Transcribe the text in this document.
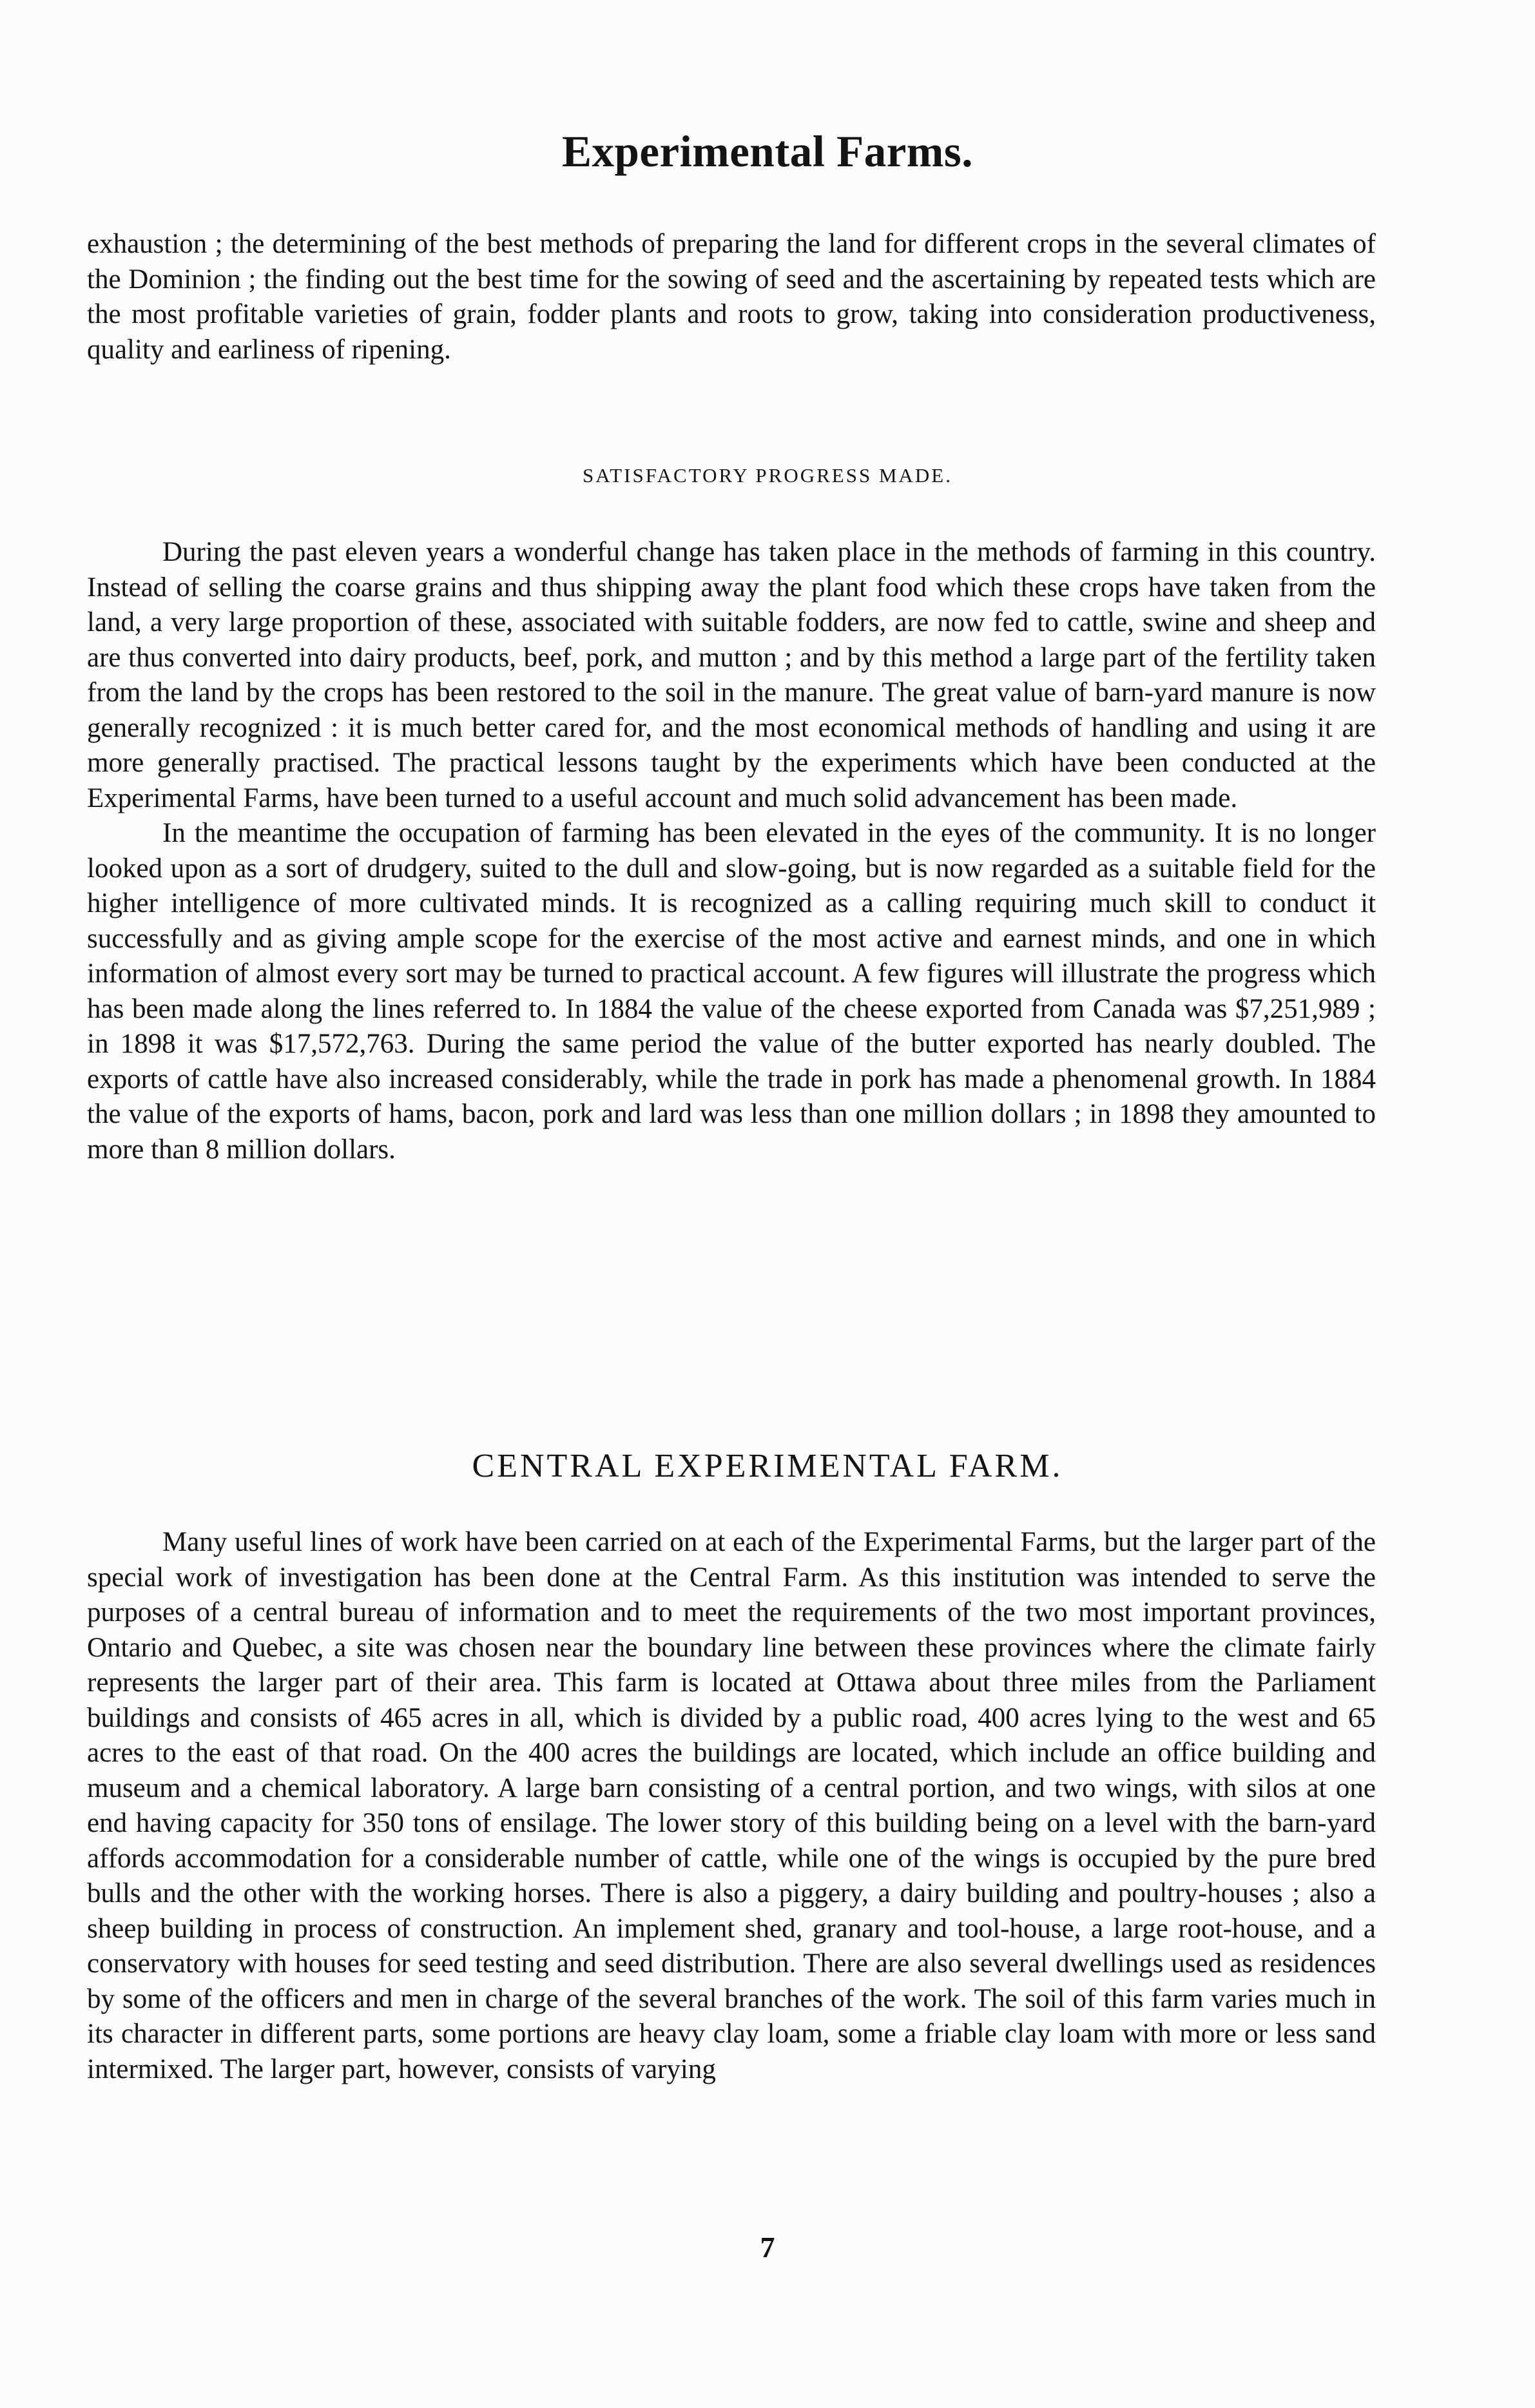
Experimental Farms.

exhaustion ; the determining of the best methods of preparing the land for different crops in the several climates of the Dominion ; the finding out the best time for the sowing of seed and the ascertaining by repeated tests which are the most profitable varieties of grain, fodder plants and roots to grow, taking into consideration productiveness, quality and earliness of ripening.

SATISFACTORY PROGRESS MADE.

During the past eleven years a wonderful change has taken place in the methods of farming in this country. Instead of selling the coarse grains and thus shipping away the plant food which these crops have taken from the land, a very large proportion of these, associated with suitable fodders, are now fed to cattle, swine and sheep and are thus converted into dairy products, beef, pork, and mutton ; and by this method a large part of the fertility taken from the land by the crops has been restored to the soil in the manure. The great value of barn-yard manure is now generally recognized : it is much better cared for, and the most economical methods of handling and using it are more generally practised. The practical lessons taught by the experiments which have been conducted at the Experimental Farms, have been turned to a useful account and much solid advancement has been made.

In the meantime the occupation of farming has been elevated in the eyes of the community. It is no longer looked upon as a sort of drudgery, suited to the dull and slow-going, but is now regarded as a suitable field for the higher intelligence of more cultivated minds. It is recognized as a calling requiring much skill to conduct it successfully and as giving ample scope for the exercise of the most active and earnest minds, and one in which information of almost every sort may be turned to practical account. A few figures will illustrate the progress which has been made along the lines referred to. In 1884 the value of the cheese exported from Canada was $7,251,989 ; in 1898 it was $17,572,763. During the same period the value of the butter exported has nearly doubled. The exports of cattle have also increased considerably, while the trade in pork has made a phenomenal growth. In 1884 the value of the exports of hams, bacon, pork and lard was less than one million dollars ; in 1898 they amounted to more than 8 million dollars.

CENTRAL EXPERIMENTAL FARM.

Many useful lines of work have been carried on at each of the Experimental Farms, but the larger part of the special work of investigation has been done at the Central Farm. As this institution was intended to serve the purposes of a central bureau of information and to meet the requirements of the two most important provinces, Ontario and Quebec, a site was chosen near the boundary line between these provinces where the climate fairly represents the larger part of their area. This farm is located at Ottawa about three miles from the Parliament buildings and consists of 465 acres in all, which is divided by a public road, 400 acres lying to the west and 65 acres to the east of that road. On the 400 acres the buildings are located, which include an office building and museum and a chemical laboratory. A large barn consisting of a central portion, and two wings, with silos at one end having capacity for 350 tons of ensilage. The lower story of this building being on a level with the barn-yard affords accommodation for a considerable number of cattle, while one of the wings is occupied by the pure bred bulls and the other with the working horses. There is also a piggery, a dairy building and poultry-houses ; also a sheep building in process of construction. An implement shed, granary and tool-house, a large root-house, and a conservatory with houses for seed testing and seed distribution. There are also several dwellings used as residences by some of the officers and men in charge of the several branches of the work. The soil of this farm varies much in its character in different parts, some portions are heavy clay loam, some a friable clay loam with more or less sand intermixed. The larger part, however, consists of varying

7
